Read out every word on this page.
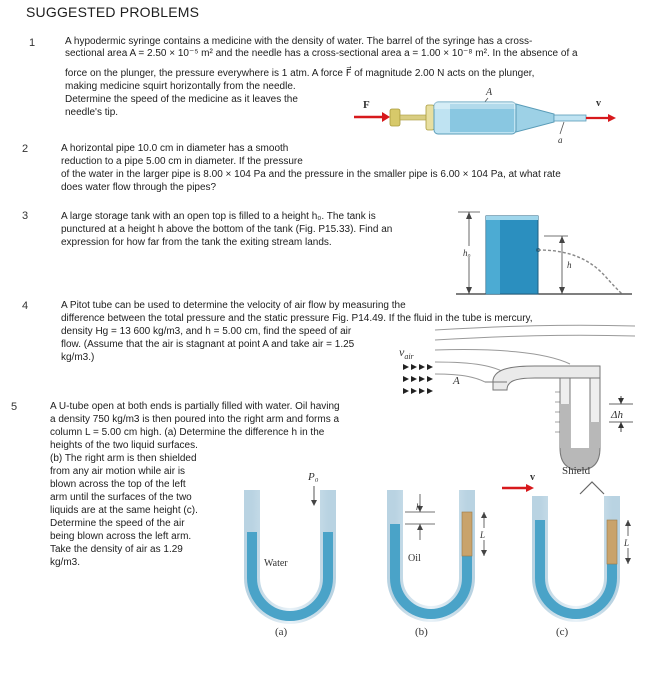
SUGGESTED PROBLEMS
1	A hypodermic syringe contains a medicine with the density of water. The barrel of the syringe has a cross-
sectional area A = 2.50 × 10⁻⁵ m² and the needle has a cross-sectional area a = 1.00 × 10⁻⁸ m². In the absence of a
force on the plunger, the pressure everywhere is 1 atm. A force F⃗ of magnitude 2.00 N acts on the plunger,
making medicine squirt horizontally from the needle.
Determine the speed of the medicine as it leaves the
needle's tip.
A
F⃗
a
v⃗
2	A horizontal pipe 10.0 cm in diameter has a smooth
reduction to a pipe 5.00 cm in diameter. If the pressure
of the water in the larger pipe is 8.00 × 104 Pa and the pressure in the smaller pipe is 6.00 × 104 Pa, at what rate
does water flow through the pipes?
3	A large storage tank with an open top is filled to a height h₀. The tank is
punctured at a height h above the bottom of the tank (Fig. P15.33). Find an
expression for how far from the tank the exiting stream lands.
h₀
h
4	A Pitot tube can be used to determine the velocity of air flow by measuring the
difference between the total pressure and the static pressure Fig. P14.49. If the fluid in the tube is mercury,
density Hg = 13 600 kg/m3, and h = 5.00 cm, find the speed of air
flow. (Assume that the air is stagnant at point A and take air = 1.25
kg/m3.)	$v_{air}$
A
Δh
5	A U-tube open at both ends is partially filled with water. Oil having
a density 750 kg/m3 is then poured into the right arm and forms a
column L = 5.00 cm high. (a) Determine the difference h in the
heights of the two liquid surfaces.
(b) The right arm is then shielded
from any air motion while air is
blown across the top of the left
arm until the surfaces of the two
liquids are at the same height (c).
Determine the speed of the air
being blown across the left arm.
Take the density of air as 1.29
kg/m3.
P₀
Water
(a)
h
L
Oil
(b)
v⃗
Shield
L
(c)
